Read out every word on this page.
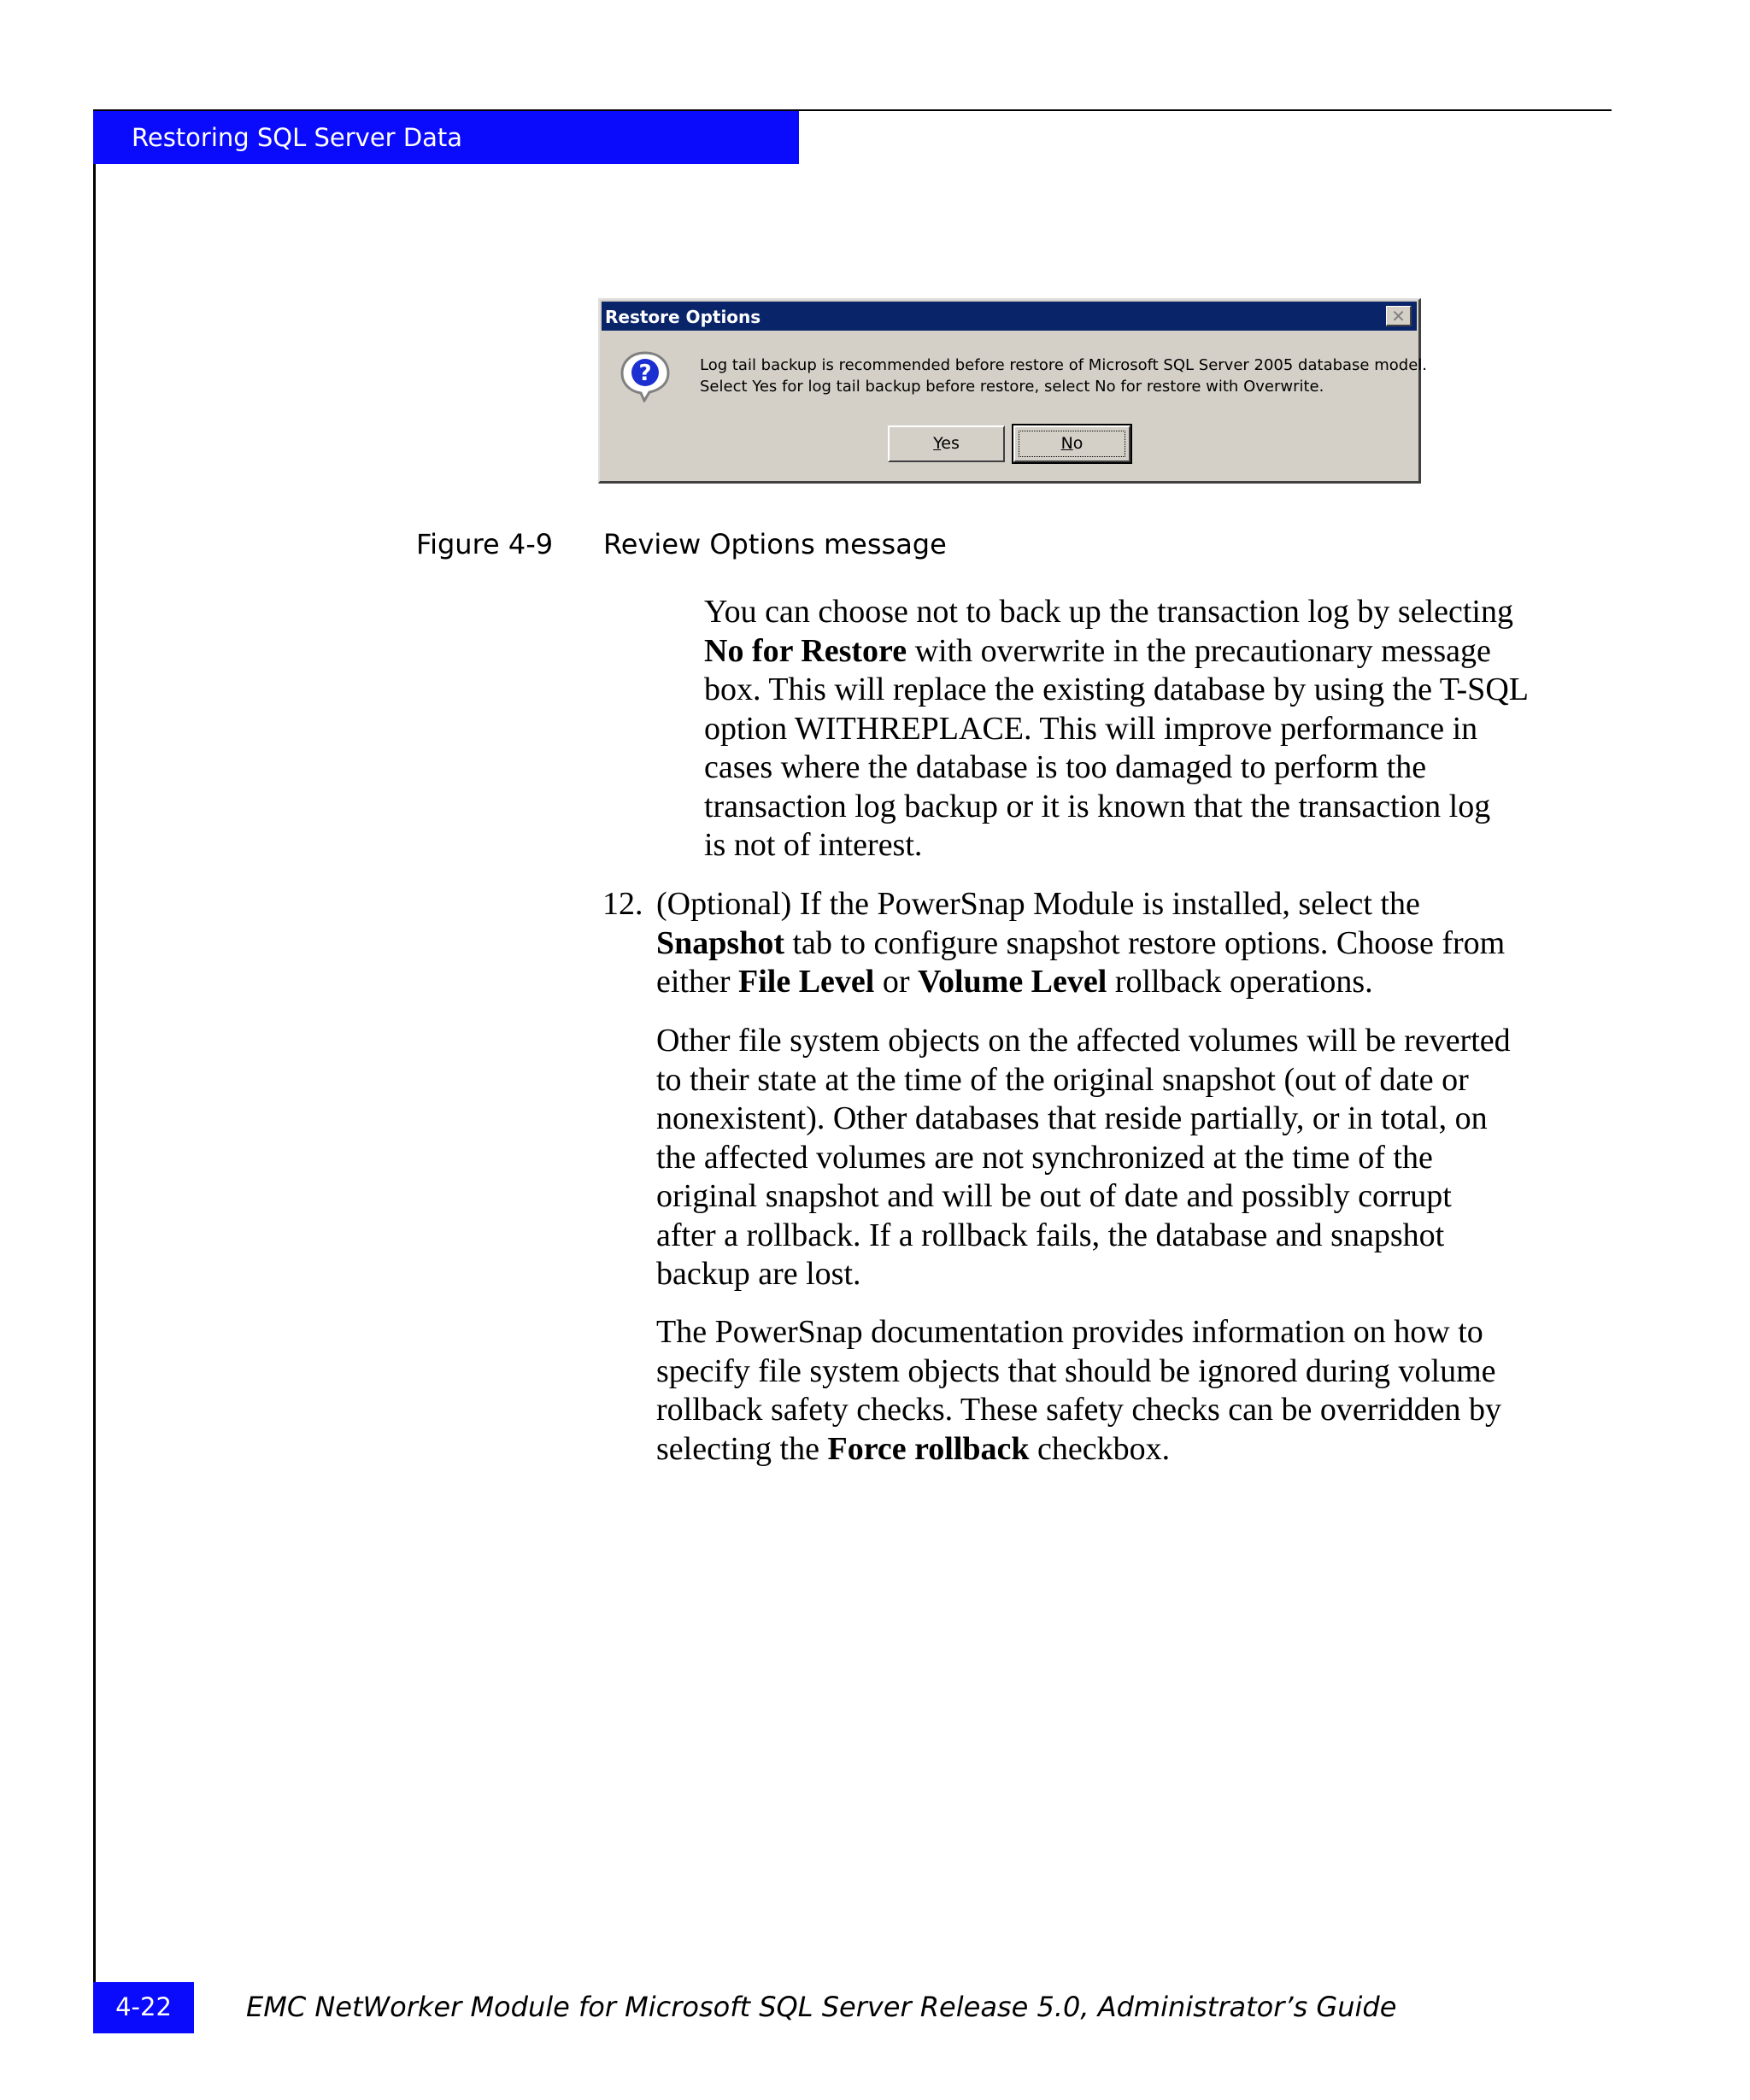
Restoring SQL Server Data
Restore Options	✕
?	Log tail backup is recommended before restore of Microsoft SQL Server 2005 database model.
Select Yes for log tail backup before restore, select No for restore with Overwrite.
Yes	No
Figure 4-9 Review Options message
You can choose not to back up the transaction log by selecting
No for Restore with overwrite in the precautionary message
box. This will replace the existing database by using the T-SQL
option WITHREPLACE. This will improve performance in
cases where the database is too damaged to perform the
transaction log backup or it is known that the transaction log
is not of interest.
12. (Optional) If the PowerSnap Module is installed, select the
Snapshot tab to configure snapshot restore options. Choose from
either File Level or Volume Level rollback operations.
Other file system objects on the affected volumes will be reverted
to their state at the time of the original snapshot (out of date or
nonexistent). Other databases that reside partially, or in total, on
the affected volumes are not synchronized at the time of the
original snapshot and will be out of date and possibly corrupt
after a rollback. If a rollback fails, the database and snapshot
backup are lost.
The PowerSnap documentation provides information on how to
specify file system objects that should be ignored during volume
rollback safety checks. These safety checks can be overridden by
selecting the Force rollback checkbox.
4-22	EMC NetWorker Module for Microsoft SQL Server Release 5.0, Administrator’s Guide
